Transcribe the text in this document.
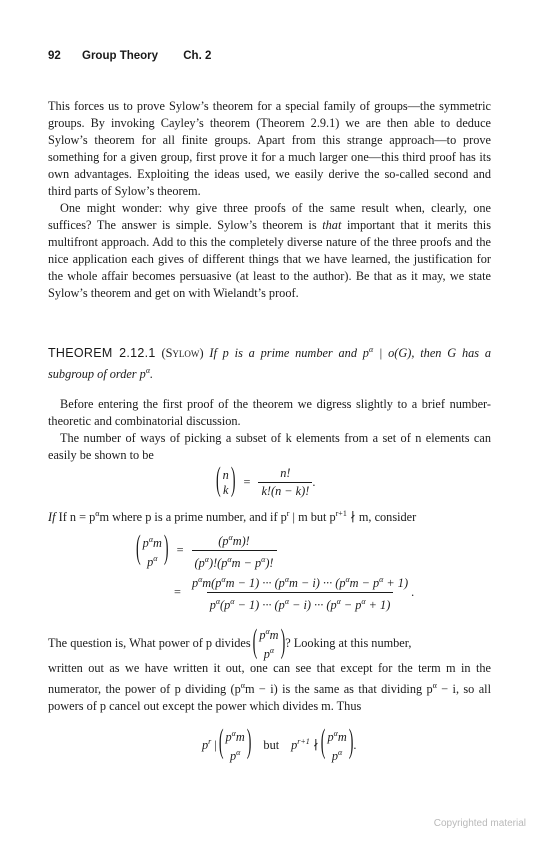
92 Group Theory Ch. 2

This forces us to prove Sylow’s theorem for a special family of groups—the symmetric groups. By invoking Cayley’s theorem (Theorem 2.9.1) we are then able to deduce Sylow’s theorem for all finite groups. Apart from this strange approach—to prove something for a given group, first prove it for a much larger one—this third proof has its own advantages. Exploiting the ideas used, we easily derive the so-called second and third parts of Sylow’s theorem.

One might wonder: why give three proofs of the same result when, clearly, one suffices? The answer is simple. Sylow’s theorem is that important that it merits this multifront approach. Add to this the completely diverse nature of the three proofs and the nice application each gives of different things that we have learned, the justification for the whole affair becomes persuasive (at least to the author). Be that as it may, we state Sylow’s theorem and get on with Wielandt’s proof.

THEOREM 2.12.1 (Sylow) If p is a prime number and $p^\alpha$ | o(G), then G has a subgroup of order $p^\alpha$.

Before entering the first proof of the theorem we digress slightly to a brief number-theoretic and combinatorial discussion.

The number of ways of picking a subset of k elements from a set of n elements can easily be shown to be

( n
k ) = $\frac{n!}{k!(n - k)!}$ .

If If $n = p^\alpha m$ where p is a prime number, and if $p^r$ | m but $p^{r+1}$ ∤ m, consider

( $p^\alpha m$
$p^\alpha$ ) = $\frac{(p^\alpha m)!}{(p^\alpha)!(p^\alpha m - p^\alpha)!}$
= $\frac{p^\alpha m(p^\alpha m - 1) \cdot\cdot\cdot (p^\alpha m - i) \cdot\cdot\cdot (p^\alpha m - p^\alpha + 1)}{p^\alpha(p^\alpha - 1) \cdot\cdot\cdot (p^\alpha - i) \cdot\cdot\cdot (p^\alpha - p^\alpha + 1)}$ .
The question is, What power of p divides ( $p^\alpha m$
$p^\alpha$ ) ? Looking at this number,

written out as we have written it out, one can see that except for the term m in the numerator, the power of p dividing $(p^\alpha m - i)$ is the same as that dividing $p^\alpha - i$, so all powers of p cancel out except the power which divides m. Thus

$p^r$ | ( $p^\alpha m$
$p^\alpha$ ) but $p^{r+1}$ ∤ ( $p^\alpha m$
$p^\alpha$ ) .
Copyrighted material
